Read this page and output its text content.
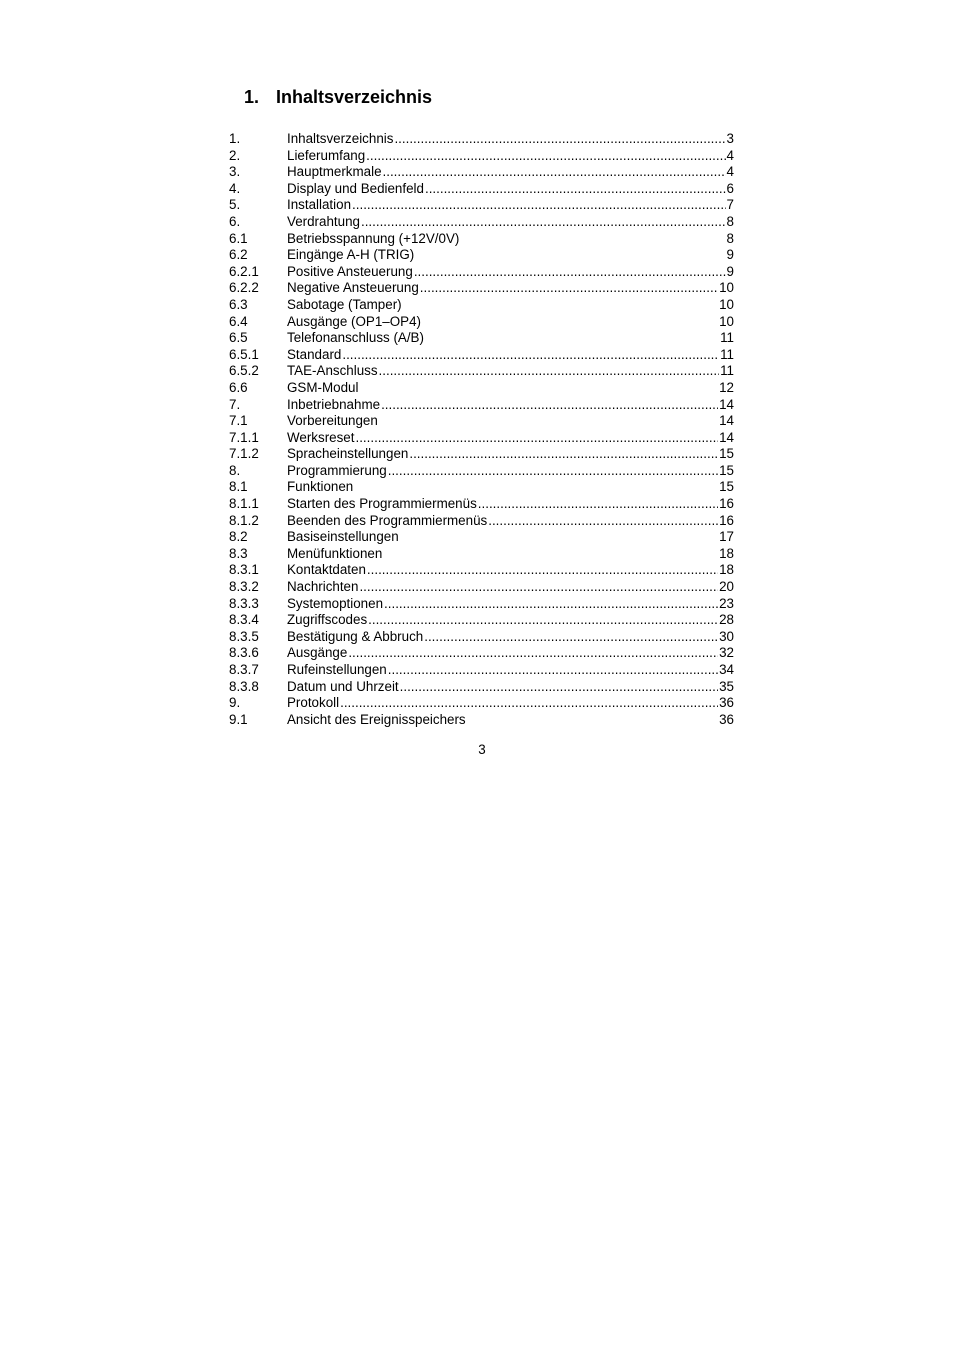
1. Inhaltsverzeichnis
1.	Inhaltsverzeichnis .....	3
2.	Lieferumfang .....	4
3.	Hauptmerkmale .....	4
4.	Display und Bedienfeld .....	6
5.	Installation .....	7
6.	Verdrahtung .....	8
6.1	Betriebsspannung (+12V/0V)	8
6.2	Eingänge A-H (TRIG)	9
6.2.1	Positive Ansteuerung .....	9
6.2.2	Negative Ansteuerung .....	10
6.3	Sabotage (Tamper)	10
6.4	Ausgänge (OP1–OP4)	10
6.5	Telefonanschluss (A/B)	11
6.5.1	Standard .....	11
6.5.2	TAE-Anschluss .....	11
6.6	GSM-Modul	12
7.	Inbetriebnahme .....	14
7.1	Vorbereitungen	14
7.1.1	Werksreset .....	14
7.1.2	Spracheinstellungen .....	15
8.	Programmierung .....	15
8.1	Funktionen	15
8.1.1	Starten des Programmiermenüs .....	16
8.1.2	Beenden des Programmiermenüs .....	16
8.2	Basiseinstellungen	17
8.3	Menüfunktionen	18
8.3.1	Kontaktdaten .....	18
8.3.2	Nachrichten .....	20
8.3.3	Systemoptionen .....	23
8.3.4	Zugriffscodes .....	28
8.3.5	Bestätigung & Abbruch .....	30
8.3.6	Ausgänge .....	32
8.3.7	Rufeinstellungen .....	34
8.3.8	Datum und Uhrzeit .....	35
9.	Protokoll .....	36
9.1	Ansicht des Ereignisspeichers	36
3
